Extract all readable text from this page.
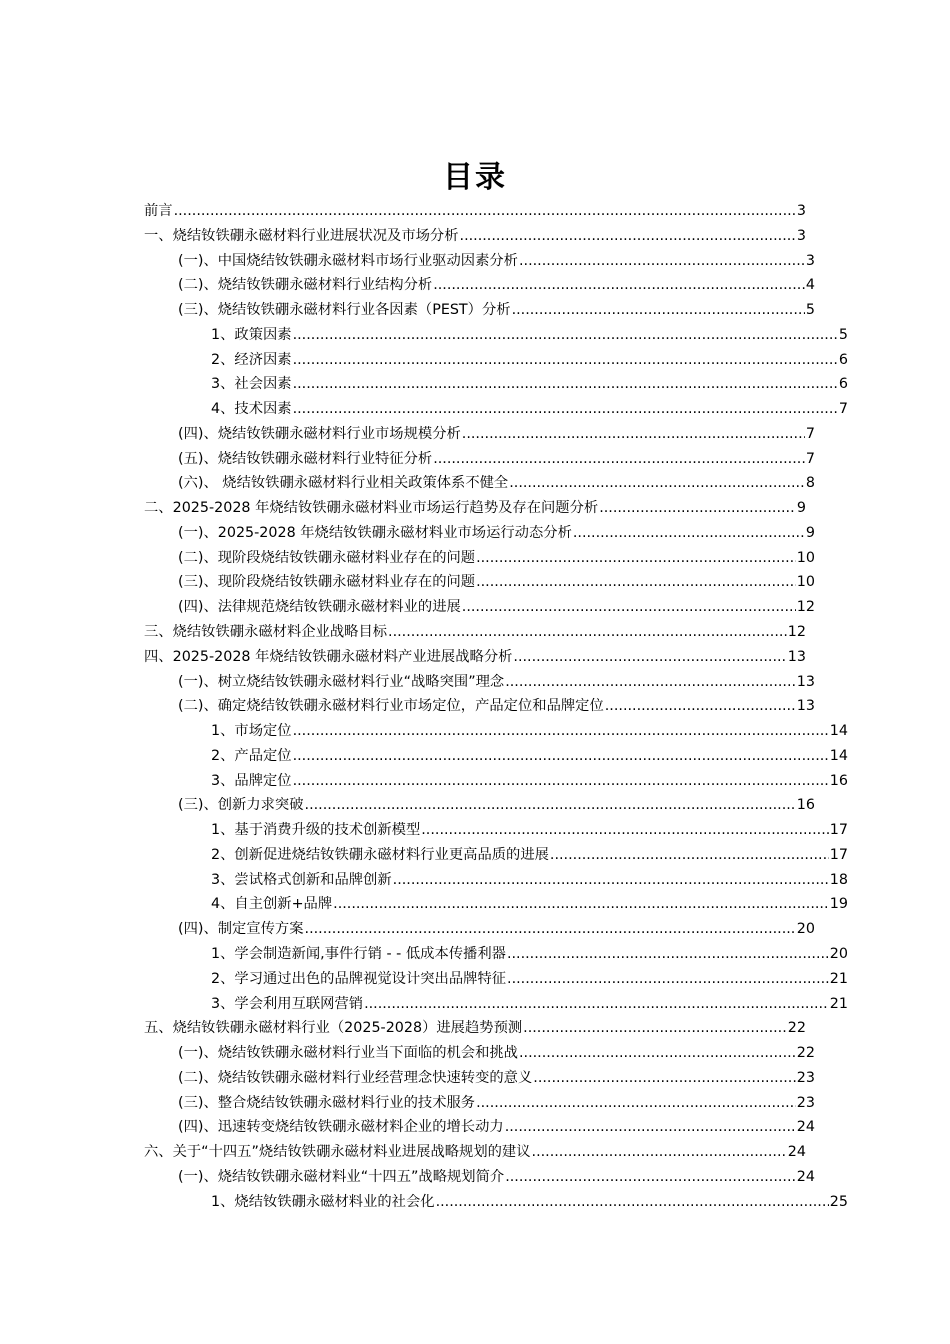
目录
前言 .....	3
一、烧结钕铁硼永磁材料行业进展状况及市场分析 .....	3
(一)、中国烧结钕铁硼永磁材料市场行业驱动因素分析 .....	3
(二)、烧结钕铁硼永磁材料行业结构分析 .....	4
(三)、烧结钕铁硼永磁材料行业各因素（PEST）分析 .....	5
1、政策因素 .....	5
2、经济因素 .....	6
3、社会因素 .....	6
4、技术因素 .....	7
(四)、烧结钕铁硼永磁材料行业市场规模分析 .....	7
(五)、烧结钕铁硼永磁材料行业特征分析 .....	7
(六)、 烧结钕铁硼永磁材料行业相关政策体系不健全 .....	8
二、2025-2028 年烧结钕铁硼永磁材料业市场运行趋势及存在问题分析 .....	9
(一)、2025-2028 年烧结钕铁硼永磁材料业市场运行动态分析 .....	9
(二)、现阶段烧结钕铁硼永磁材料业存在的问题 .....	10
(三)、现阶段烧结钕铁硼永磁材料业存在的问题 .....	10
(四)、法律规范烧结钕铁硼永磁材料业的进展 .....	12
三、烧结钕铁硼永磁材料企业战略目标 .....	12
四、2025-2028 年烧结钕铁硼永磁材料产业进展战略分析 .....	13
(一)、树立烧结钕铁硼永磁材料行业“战略突围”理念 .....	13
(二)、确定烧结钕铁硼永磁材料行业市场定位，产品定位和品牌定位 .....	13
1、市场定位 .....	14
2、产品定位 .....	14
3、品牌定位 .....	16
(三)、创新力求突破 .....	16
1、基于消费升级的技术创新模型 .....	17
2、创新促进烧结钕铁硼永磁材料行业更高品质的进展 .....	17
3、尝试格式创新和品牌创新 .....	18
4、自主创新+品牌 .....	19
(四)、制定宣传方案 .....	20
1、学会制造新闻,事件行销 - - 低成本传播利器 .....	20
2、学习通过出色的品牌视觉设计突出品牌特征 .....	21
3、学会利用互联网营销 .....	21
五、烧结钕铁硼永磁材料行业（2025-2028）进展趋势预测 .....	22
(一)、烧结钕铁硼永磁材料行业当下面临的机会和挑战 .....	22
(二)、烧结钕铁硼永磁材料行业经营理念快速转变的意义 .....	23
(三)、整合烧结钕铁硼永磁材料行业的技术服务 .....	23
(四)、迅速转变烧结钕铁硼永磁材料企业的增长动力 .....	24
六、关于“十四五”烧结钕铁硼永磁材料业进展战略规划的建议 .....	24
(一)、烧结钕铁硼永磁材料业“十四五”战略规划简介 .....	24
1、烧结钕铁硼永磁材料业的社会化 .....	25
